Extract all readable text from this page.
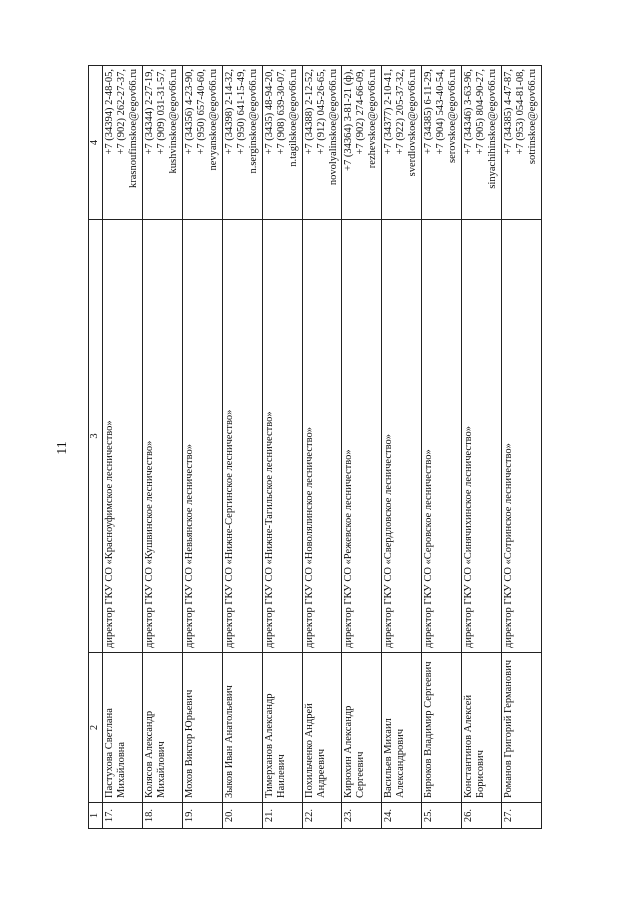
11
1	2	3	4
17.	Пастухова Светлана Михайловна	директор ГКУ СО «Красноуфимское лесничество»	+7 (34394) 2-48-05, +7 (902) 262-27-37, krasnoufimskoe@egov66.ru

18.	Колясов Александр Михайлович	директор ГКУ СО «Кушвинское лесничество»	+7 (34344) 2-27-19, +7 (909) 031-31-57, kushvinskoe@egov66.ru

19.	Мохов Виктор Юрьевич	директор ГКУ СО «Невьянское лесничество»	+7 (34356) 4-23-90, +7 (950) 657-40-60, nevyanskoe@egov66.ru

20.	Зыков Иван Анатольевич	директор ГКУ СО «Нижне-Сергинское лесничество»	+7 (34398) 2-14-32, +7 (950) 641-15-49, n.serginskoe@egov66.ru

21.	Тимерханов Александр Наилевич	директор ГКУ СО «Нижне-Тагильское лесничество»	+7 (3435) 48-94-20, +7 (908) 639-30-07, n.tagilskoe@egov66.ru

22.	Похильченко Андрей Андреевич	директор ГКУ СО «Новолялинское лесничество»	+7 (34388) 2-12-52, +7 (912) 045-26-65, novolyalinskoe@egov66.ru

23.	Кирюхин Александр Сергеевич	директор ГКУ СО «Режевское лесничество»	+7 (34364) 3-81-21 (ф), +7 (902) 274-66-09, rezhevskoe@egov66.ru

24.	Васильев Михаил Александрович	директор ГКУ СО «Свердловское лесничество»	+7 (34377) 2-10-41, +7 (922) 205-37-32, sverdlovskoe@egov66.ru

25.	Бирюков Владимир Сергеевич	директор ГКУ СО «Серовское лесничество»	+7 (34385) 6-11-29, +7 (904) 543-40-54, serovskoe@egov66.ru

26.	Константинов Алексей Борисович	директор ГКУ СО «Синячихинское лесничество»	+7 (34346) 3-63-96, +7 (905) 804-90-27, sinyachihinskoe@egov66.ru

27.	Романов Григорий Германович	директор ГКУ СО «Сотринское лесничество»	+7 (34385) 4-47-87, +7 (953) 054-81-08, sotrinskoe@egov66.ru
